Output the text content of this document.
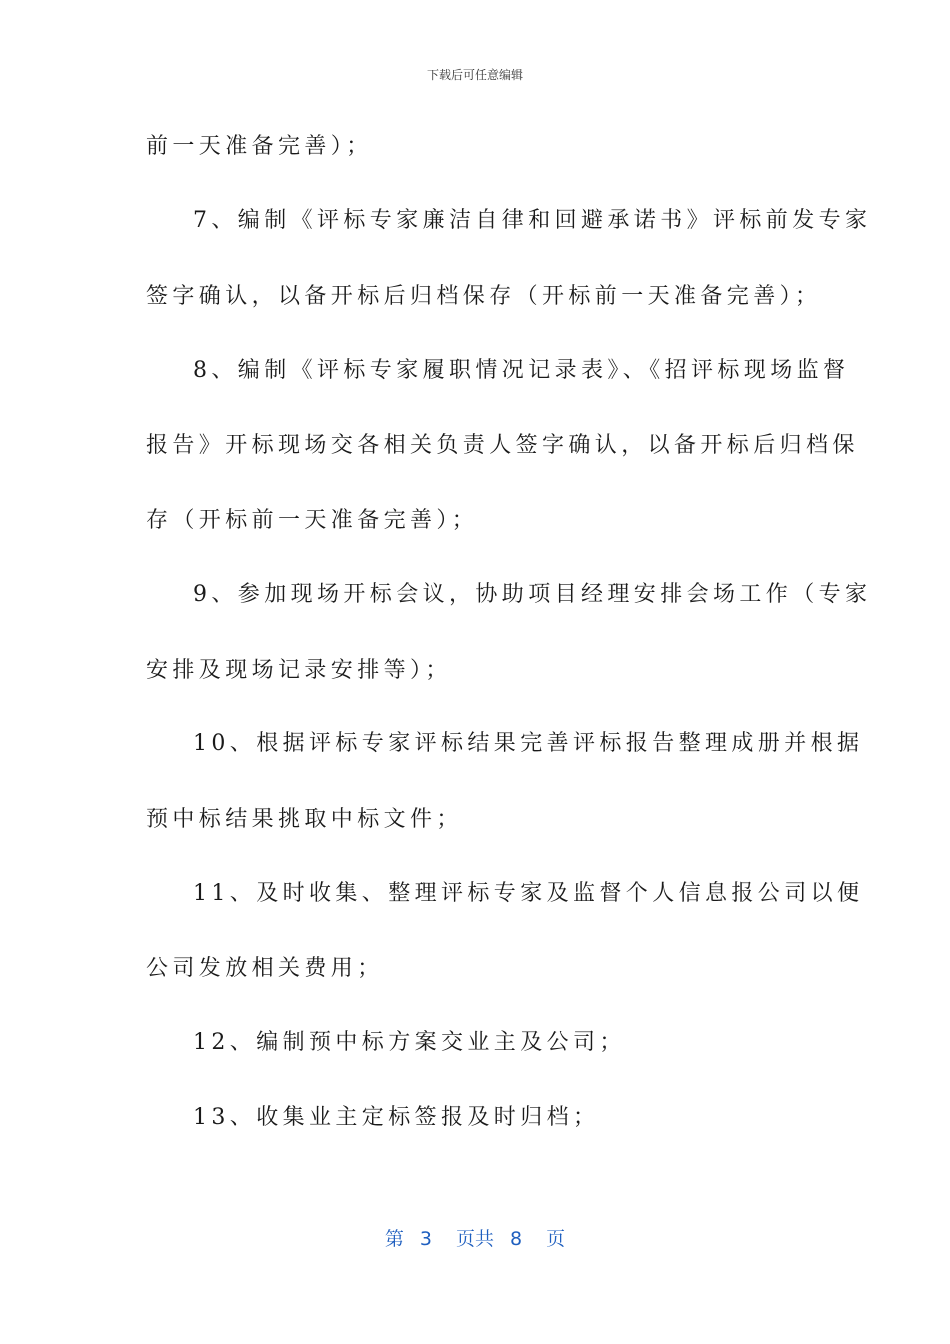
下载后可任意编辑
前一天准备完善）；
7、编制《评标专家廉洁自律和回避承诺书》评标前发专家
签字确认，以备开标后归档保存（开标前一天准备完善）；
8、编制《评标专家履职情况记录表》、《招评标现场监督
报告》开标现场交各相关负责人签字确认，以备开标后归档保
存（开标前一天准备完善）；
9、参加现场开标会议，协助项目经理安排会场工作（专家
安排及现场记录安排等）；
10、根据评标专家评标结果完善评标报告整理成册并根据
预中标结果挑取中标文件；
11、及时收集、整理评标专家及监督个人信息报公司以便
公司发放相关费用；
12、编制预中标方案交业主及公司；
13、收集业主定标签报及时归档；
第 3 页共 8 页
